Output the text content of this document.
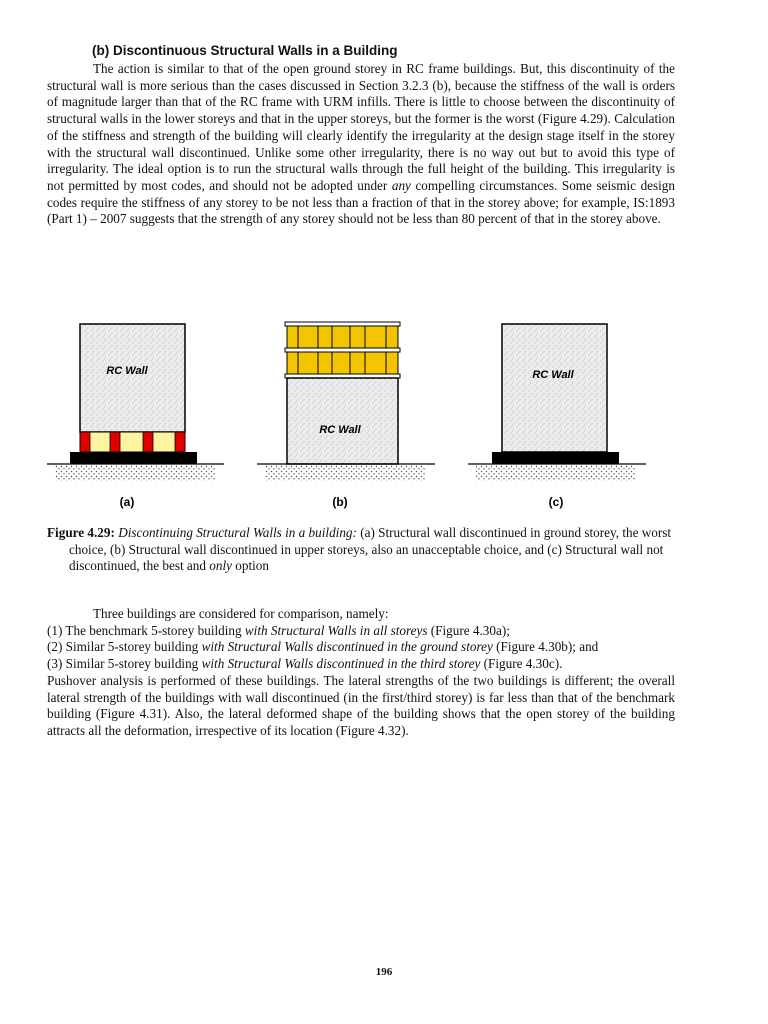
(b) Discontinuous Structural Walls in a Building

The action is similar to that of the open ground storey in RC frame buildings. But, this discontinuity of the structural wall is more serious than the cases discussed in Section 3.2.3 (b), because the stiffness of the wall is orders of magnitude larger than that of the RC frame with URM infills. There is little to choose between the discontinuity of structural walls in the lower storeys and that in the upper storeys, but the former is the worst (Figure 4.29). Calculation of the stiffness and strength of the building will clearly identify the irregularity at the design stage itself in the storey with the structural wall discontinued. Unlike some other irregularity, there is no way out but to avoid this type of irregularity. The ideal option is to run the structural walls through the full height of the building. This irregularity is not permitted by most codes, and should not be adopted under any compelling circumstances. Some seismic design codes require the stiffness of any storey to be not less than a fraction of that in the storey above; for example, IS:1893 (Part 1) – 2007 suggests that the strength of any storey should not be less than 80 percent of that in the storey above.

RC Wall
RC Wall
RC Wall
(a)	(b)	(c)
Figure 4.29: Discontinuing Structural Walls in a building: (a) Structural wall discontinued in ground storey, the worst choice, (b) Structural wall discontinued in upper storeys, also an unacceptable choice, and (c) Structural wall not discontinued, the best and only option

Three buildings are considered for comparison, namely:

(1) The benchmark 5-storey building with Structural Walls in all storeys (Figure 4.30a);

(2) Similar 5-storey building with Structural Walls discontinued in the ground storey (Figure 4.30b); and

(3) Similar 5-storey building with Structural Walls discontinued in the third storey (Figure 4.30c).

Pushover analysis is performed of these buildings. The lateral strengths of the two buildings is different; the overall lateral strength of the buildings with wall discontinued (in the first/third storey) is far less than that of the benchmark building (Figure 4.31). Also, the lateral deformed shape of the building shows that the open storey of the building attracts all the deformation, irrespective of its location (Figure 4.32).

196
